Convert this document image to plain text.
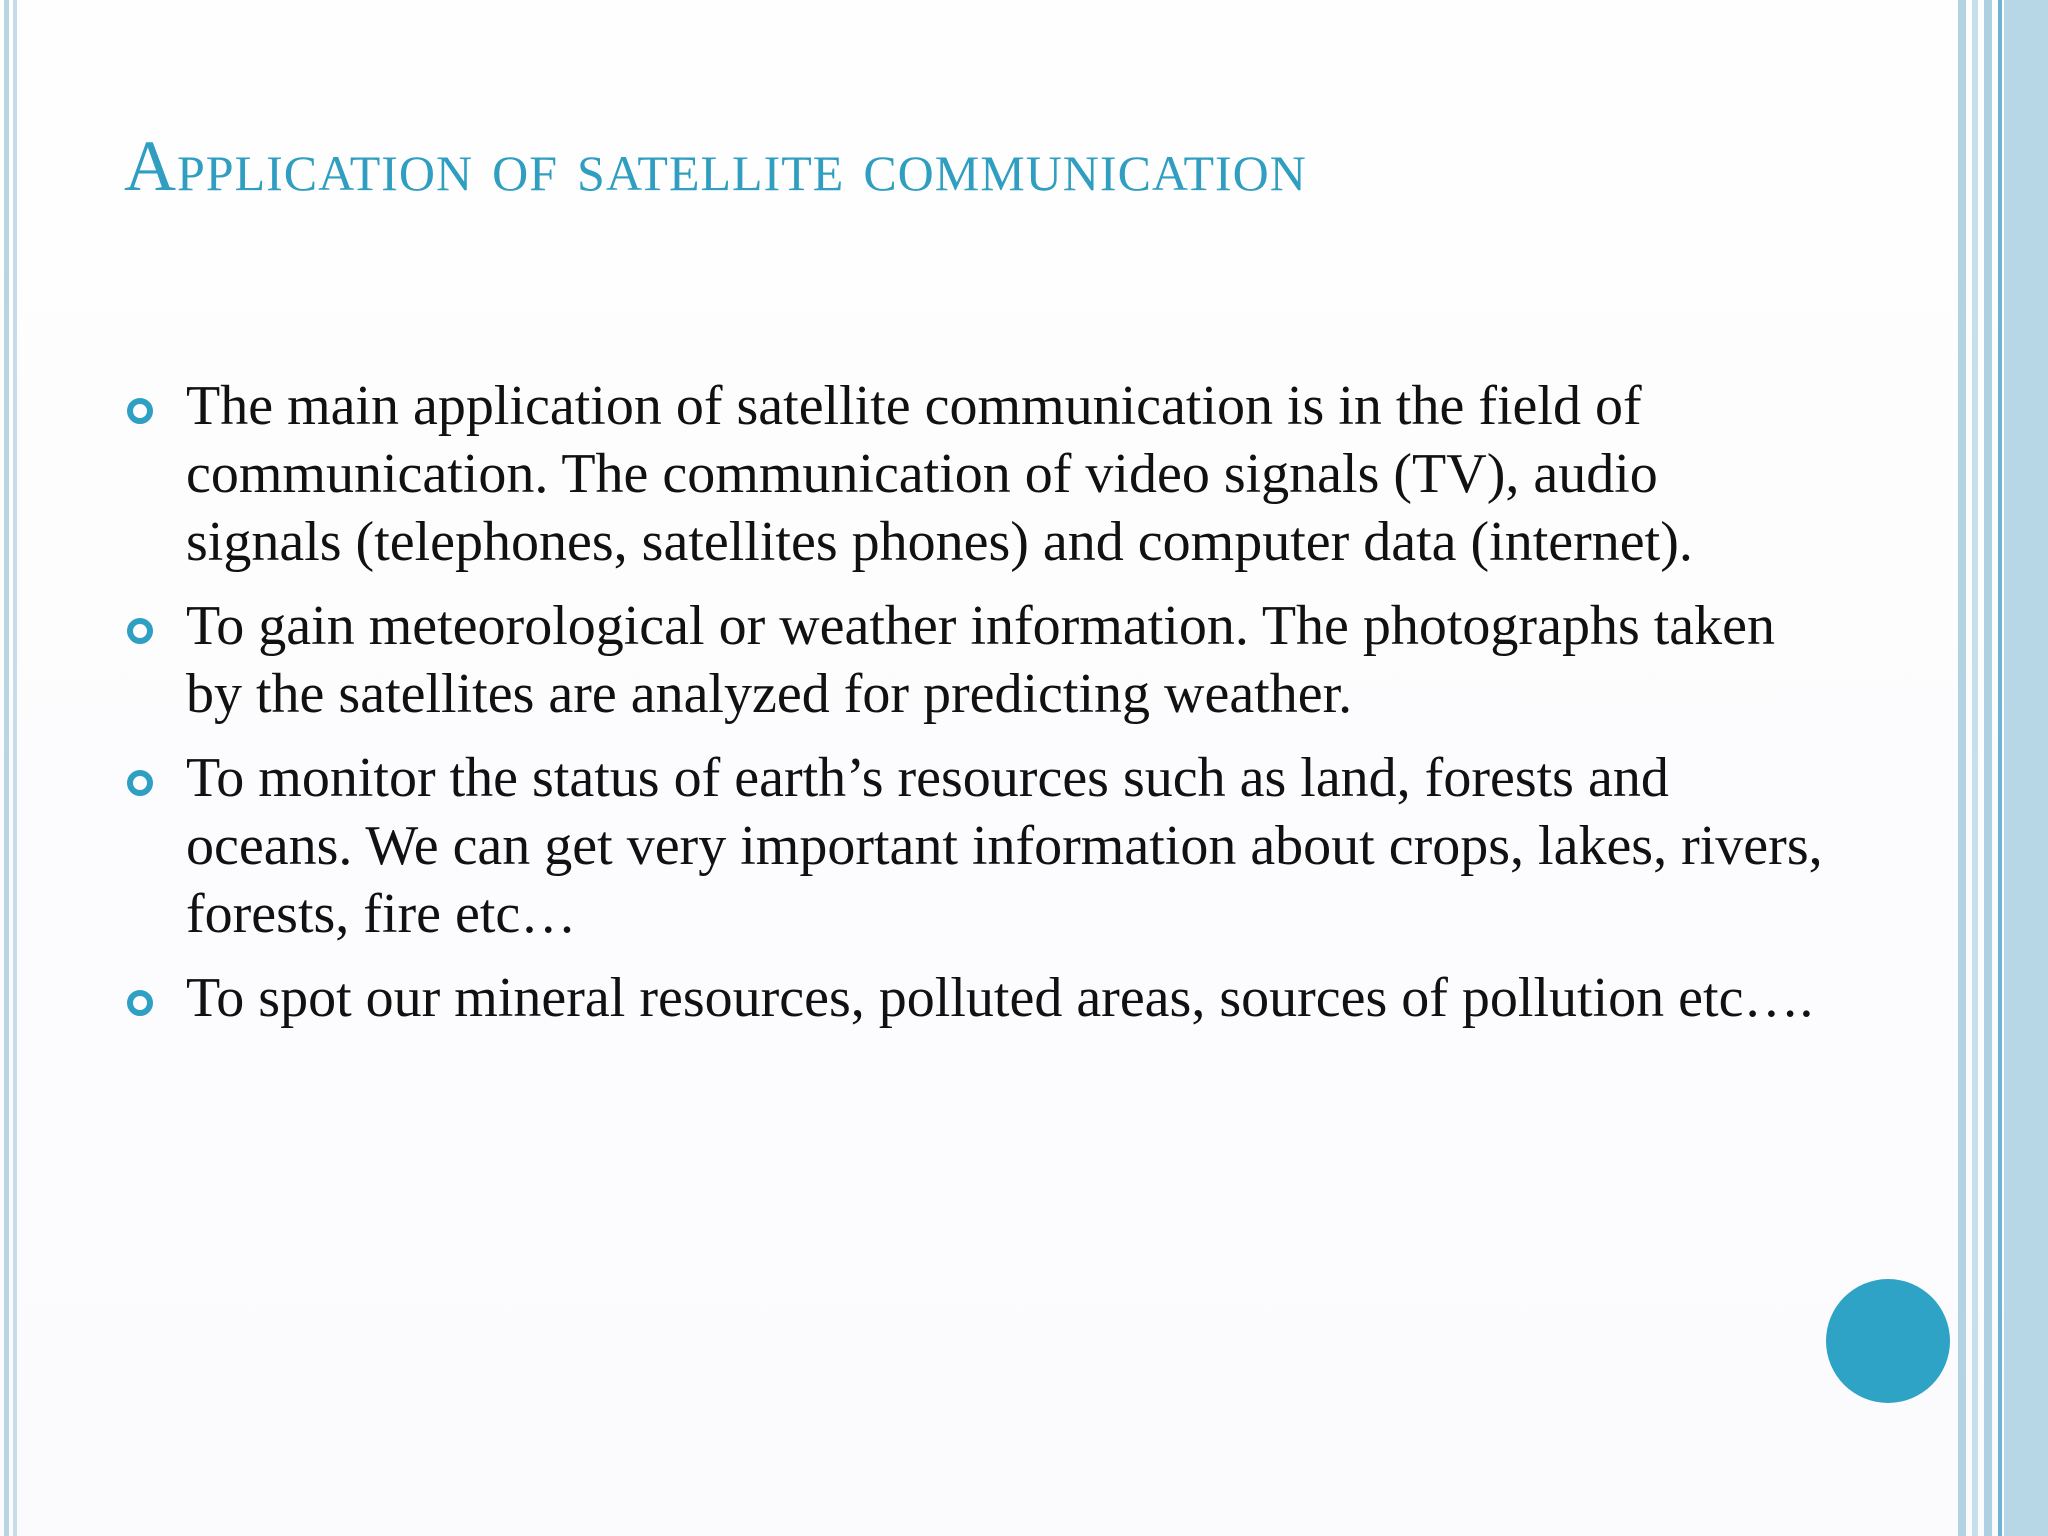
Application of satellite communication
The main application of satellite communication is in the field of communication. The communication of video signals (TV), audio signals (telephones, satellites phones) and computer data (internet).
To gain meteorological or weather information. The photographs taken by the satellites are analyzed for predicting weather.
To monitor the status of earth’s resources such as land, forests and oceans. We can get very important information about crops, lakes, rivers, forests, fire etc…
To spot our mineral resources, polluted areas, sources of pollution etc….
